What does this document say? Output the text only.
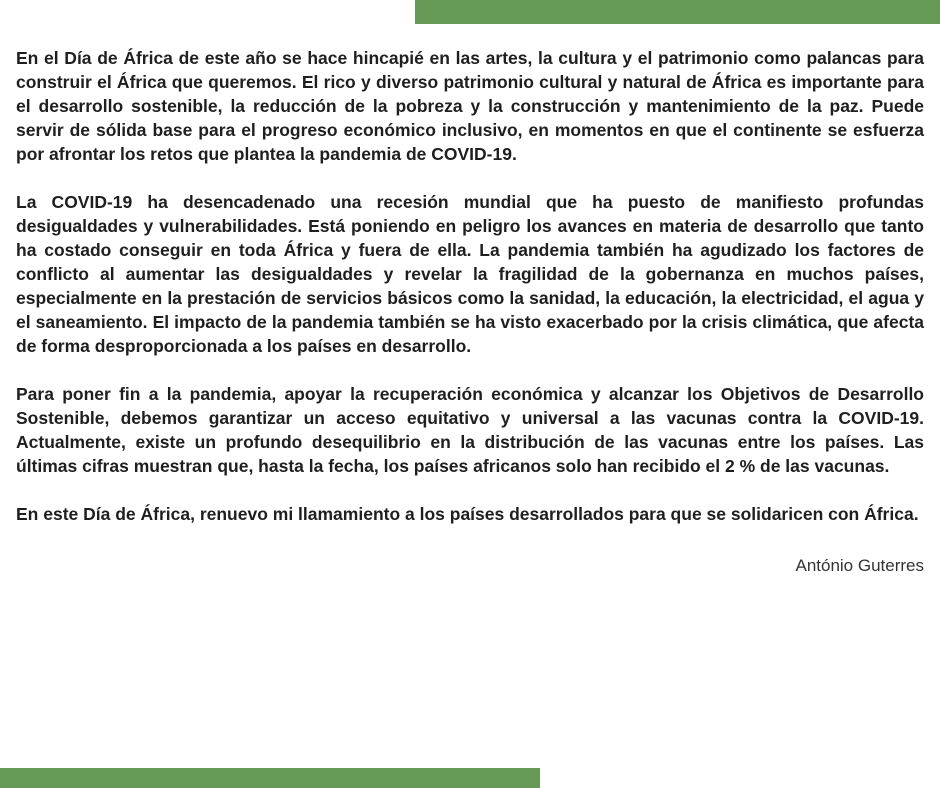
En el Día de África de este año se hace hincapié en las artes, la cultura y el patrimonio como palancas para construir el África que queremos. El rico y diverso patrimonio cultural y natural de África es importante para el desarrollo sostenible, la reducción de la pobreza y la construcción y mantenimiento de la paz. Puede servir de sólida base para el progreso económico inclusivo, en momentos en que el continente se esfuerza por afrontar los retos que plantea la pandemia de COVID-19.

La COVID-19 ha desencadenado una recesión mundial que ha puesto de manifiesto profundas desigualdades y vulnerabilidades. Está poniendo en peligro los avances en materia de desarrollo que tanto ha costado conseguir en toda África y fuera de ella. La pandemia también ha agudizado los factores de conflicto al aumentar las desigualdades y revelar la fragilidad de la gobernanza en muchos países, especialmente en la prestación de servicios básicos como la sanidad, la educación, la electricidad, el agua y el saneamiento. El impacto de la pandemia también se ha visto exacerbado por la crisis climática, que afecta de forma desproporcionada a los países en desarrollo.

Para poner fin a la pandemia, apoyar la recuperación económica y alcanzar los Objetivos de Desarrollo Sostenible, debemos garantizar un acceso equitativo y universal a las vacunas contra la COVID-19. Actualmente, existe un profundo desequilibrio en la distribución de las vacunas entre los países. Las últimas cifras muestran que, hasta la fecha, los países africanos solo han recibido el 2 % de las vacunas.

En este Día de África, renuevo mi llamamiento a los países desarrollados para que se solidaricen con África.

António Guterres
